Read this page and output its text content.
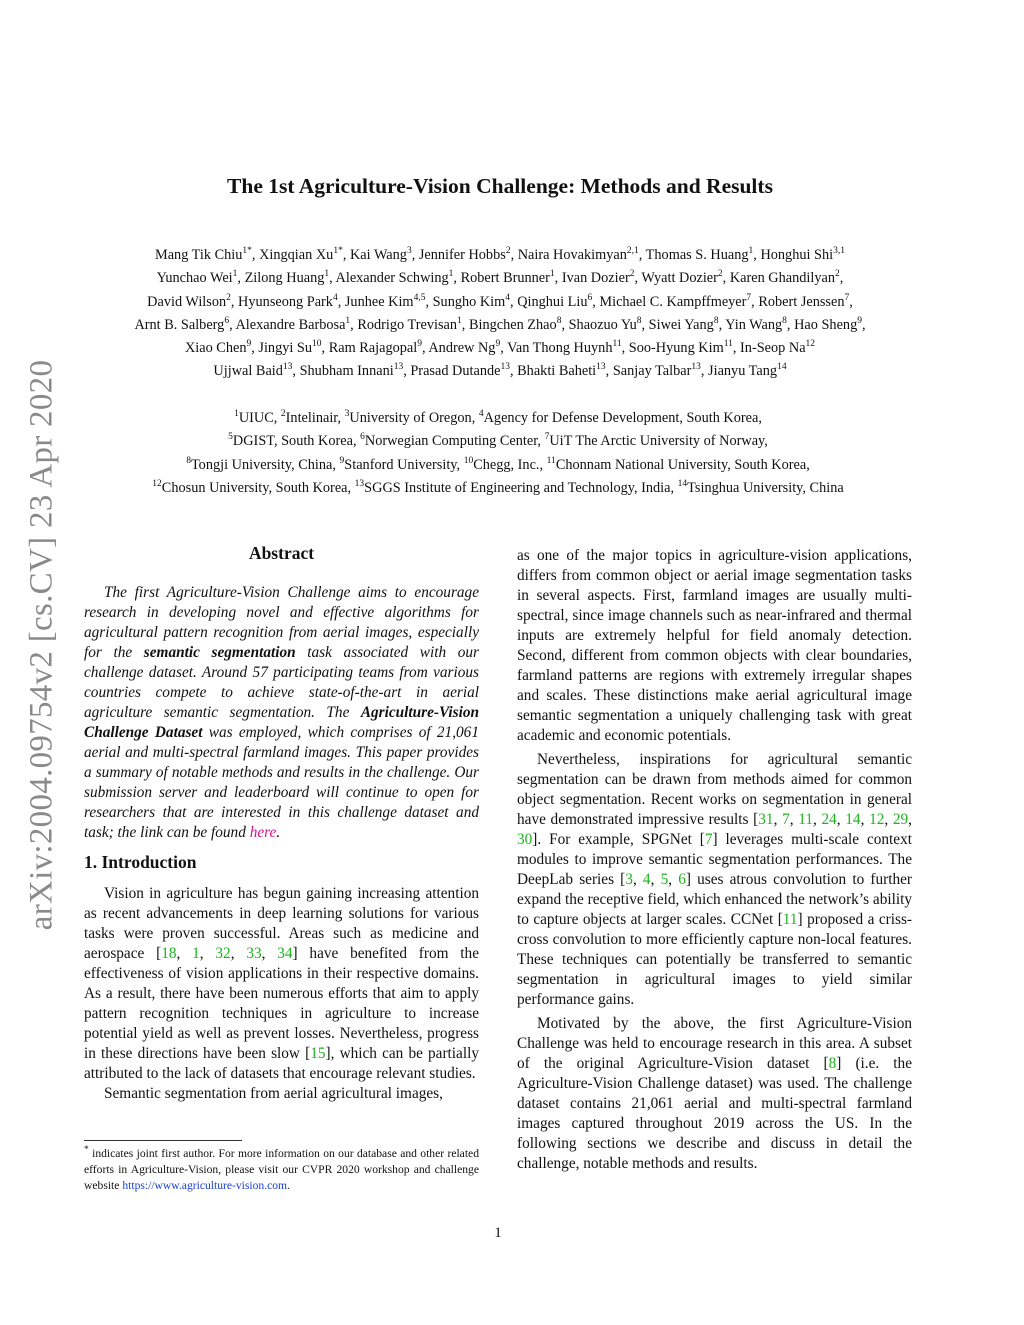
arXiv:2004.09754v2 [cs.CV] 23 Apr 2020
The 1st Agriculture-Vision Challenge: Methods and Results
Mang Tik Chiu$^{1*}$, Xingqian $Xu^{1*}$, Kai Wang$^3$, Jennifer Hobbs$^2$, Naira Hovakimyan$^{2,1}$, Thomas S. Huang$^1$, Honghui Shi$^{3,1}$
Yunchao Wei$^1$, Zilong Huang$^1$, Alexander Schwing$^1$, Robert Brunner$^1$, Ivan Dozier$^2$, Wyatt Dozier$^2$, Karen Ghandilyan$^2$,
David Wilson$^2$, Hyunseong Park$^4$, Junhee Kim$^{4,5}$, Sungho Kim$^4$, Qinghui Liu$^6$, Michael C. Kampffmeyer$^7$, Robert Jenssen$^7$,
Arnt B. Salberg$^6$, Alexandre Barbosa$^1$, Rodrigo Trevisan$^1$, Bingchen Zhao$^8$, Shaozuo Yu$^8$, Siwei Yang$^8$, Yin Wang$^8$, Hao Sheng$^9$,
Xiao Chen$^9$, Jingyi Su$^{10}$, Ram Rajagopal$^9$, Andrew Ng$^9$, Van Thong Huynh$^{11}$, Soo-Hyung Kim$^{11}$, In-Seop Na$^{12}$
Ujjwal Baid$^{13}$, Shubham Innani$^{13}$, Prasad Dutande$^{13}$, Bhakti Baheti$^{13}$, Sanjay Talbar$^{13}$, Jianyu Tang$^{14}$
$^1$UIUC, $^2$Intelinair, $^3$University of Oregon, $^4$Agency for Defense Development, South Korea,
$^5$DGIST, South Korea, $^6$Norwegian Computing Center, $^7$UiT The Arctic University of Norway,
$^8$Tongji University, China, $^9$Stanford University, $^{10}$Chegg, Inc., $^{11}$Chonnam National University, South Korea,
$^{12}$Chosun University, South Korea, $^{13}$SGGS Institute of Engineering and Technology, India, $^{14}$Tsinghua University, China
Abstract

The first Agriculture-Vision Challenge aims to encourage research in developing novel and effective algorithms for agricultural pattern recognition from aerial images, especially for the semantic segmentation task associated with our challenge dataset. Around 57 participating teams from various countries compete to achieve state-of-the-art in aerial agriculture semantic segmentation. The Agriculture-Vision Challenge Dataset was employed, which comprises of 21,061 aerial and multi-spectral farmland images. This paper provides a summary of notable methods and results in the challenge. Our submission server and leaderboard will continue to open for researchers that are interested in this challenge dataset and task; the link can be found here.

1. Introduction

Vision in agriculture has begun gaining increasing attention as recent advancements in deep learning solutions for various tasks were proven successful. Areas such as medicine and aerospace [18, 1, 32, 33, 34] have benefited from the effectiveness of vision applications in their respective domains. As a result, there have been numerous efforts that aim to apply pattern recognition techniques in agriculture to increase potential yield as well as prevent losses. Nevertheless, progress in these directions have been slow [15], which can be partially attributed to the lack of datasets that encourage relevant studies.

Semantic segmentation from aerial agricultural images,

as one of the major topics in agriculture-vision applications, differs from common object or aerial image segmentation tasks in several aspects. First, farmland images are usually multi-spectral, since image channels such as near-infrared and thermal inputs are extremely helpful for field anomaly detection. Second, different from common objects with clear boundaries, farmland patterns are regions with extremely irregular shapes and scales. These distinctions make aerial agricultural image semantic segmentation a uniquely challenging task with great academic and economic potentials.

Nevertheless, inspirations for agricultural semantic segmentation can be drawn from methods aimed for common object segmentation. Recent works on segmentation in general have demonstrated impressive results [31, 7, 11, 24, 14, 12, 29, 30]. For example, SPGNet [7] leverages multi-scale context modules to improve semantic segmentation performances. The DeepLab series [3, 4, 5, 6] uses atrous convolution to further expand the receptive field, which enhanced the network’s ability to capture objects at larger scales. CCNet [11] proposed a criss-cross convolution to more efficiently capture non-local features. These techniques can potentially be transferred to semantic segmentation in agricultural images to yield similar performance gains.

Motivated by the above, the first Agriculture-Vision Challenge was held to encourage research in this area. A subset of the original Agriculture-Vision dataset [8] (i.e. the Agriculture-Vision Challenge dataset) was used. The challenge dataset contains 21,061 aerial and multi-spectral farmland images captured throughout 2019 across the US. In the following sections we describe and discuss in detail the challenge, notable methods and results.

* indicates joint first author. For more information on our database and other related efforts in Agriculture-Vision, please visit our CVPR 2020 workshop and challenge website https://www.agriculture-vision.com.
1
